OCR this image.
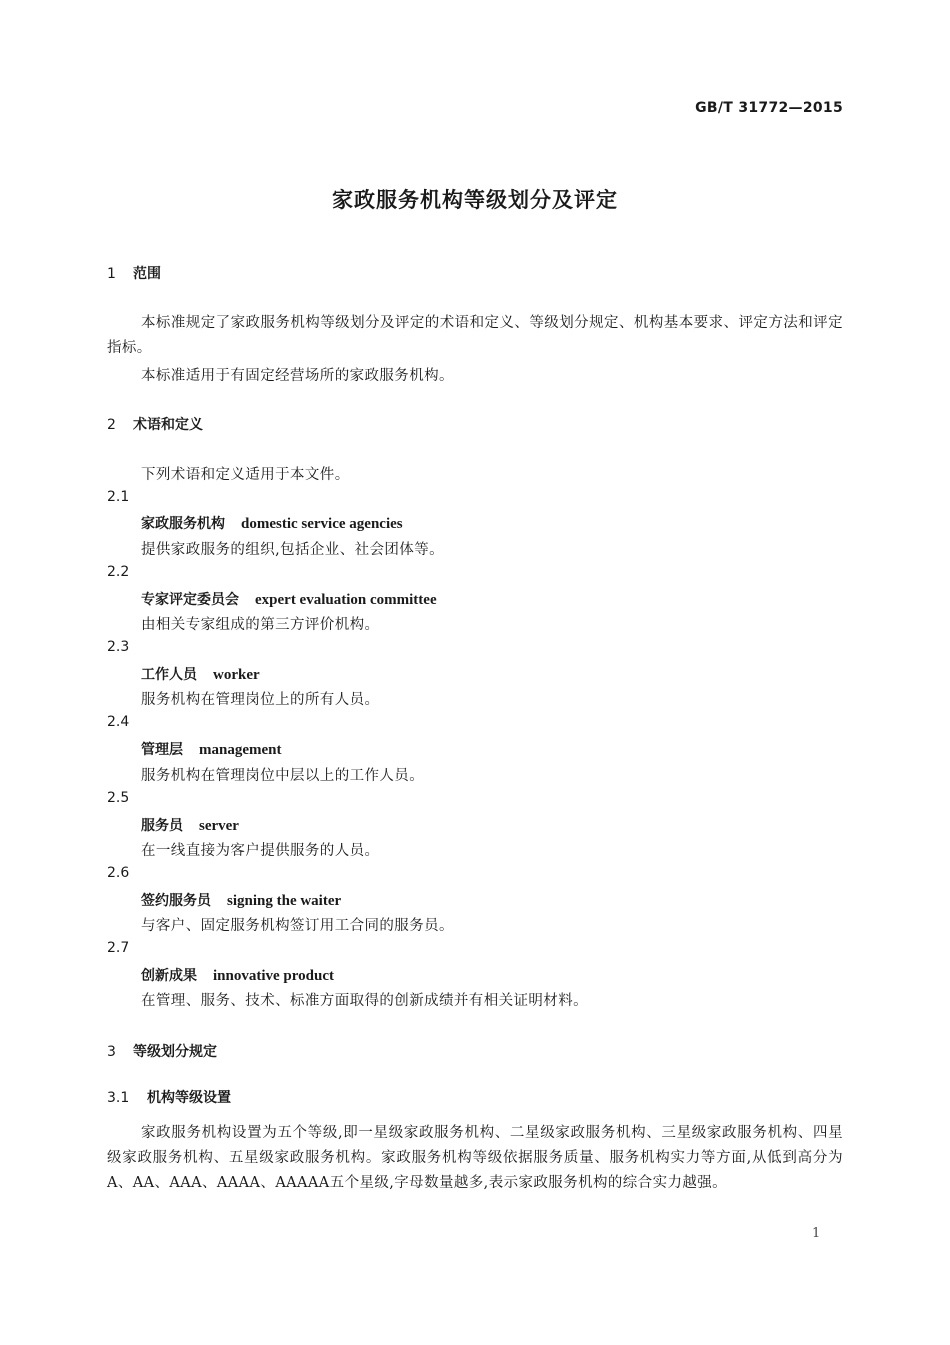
GB/T 31772—2015
家政服务机构等级划分及评定
1 范围
本标准规定了家政服务机构等级划分及评定的术语和定义、等级划分规定、机构基本要求、评定方法和评定指标。
本标准适用于有固定经营场所的家政服务机构。
2 术语和定义
下列术语和定义适用于本文件。
2.1
家政服务机构 domestic service agencies
提供家政服务的组织,包括企业、社会团体等。
2.2
专家评定委员会 expert evaluation committee
由相关专家组成的第三方评价机构。
2.3
工作人员 worker
服务机构在管理岗位上的所有人员。
2.4
管理层 management
服务机构在管理岗位中层以上的工作人员。
2.5
服务员 server
在一线直接为客户提供服务的人员。
2.6
签约服务员 signing the waiter
与客户、固定服务机构签订用工合同的服务员。
2.7
创新成果 innovative product
在管理、服务、技术、标准方面取得的创新成绩并有相关证明材料。
3 等级划分规定
3.1 机构等级设置
家政服务机构设置为五个等级,即一星级家政服务机构、二星级家政服务机构、三星级家政服务机构、四星级家政服务机构、五星级家政服务机构。家政服务机构等级依据服务质量、服务机构实力等方面,从低到高分为A、AA、AAA、AAAA、AAAAA五个星级,字母数量越多,表示家政服务机构的综合实力越强。
1
